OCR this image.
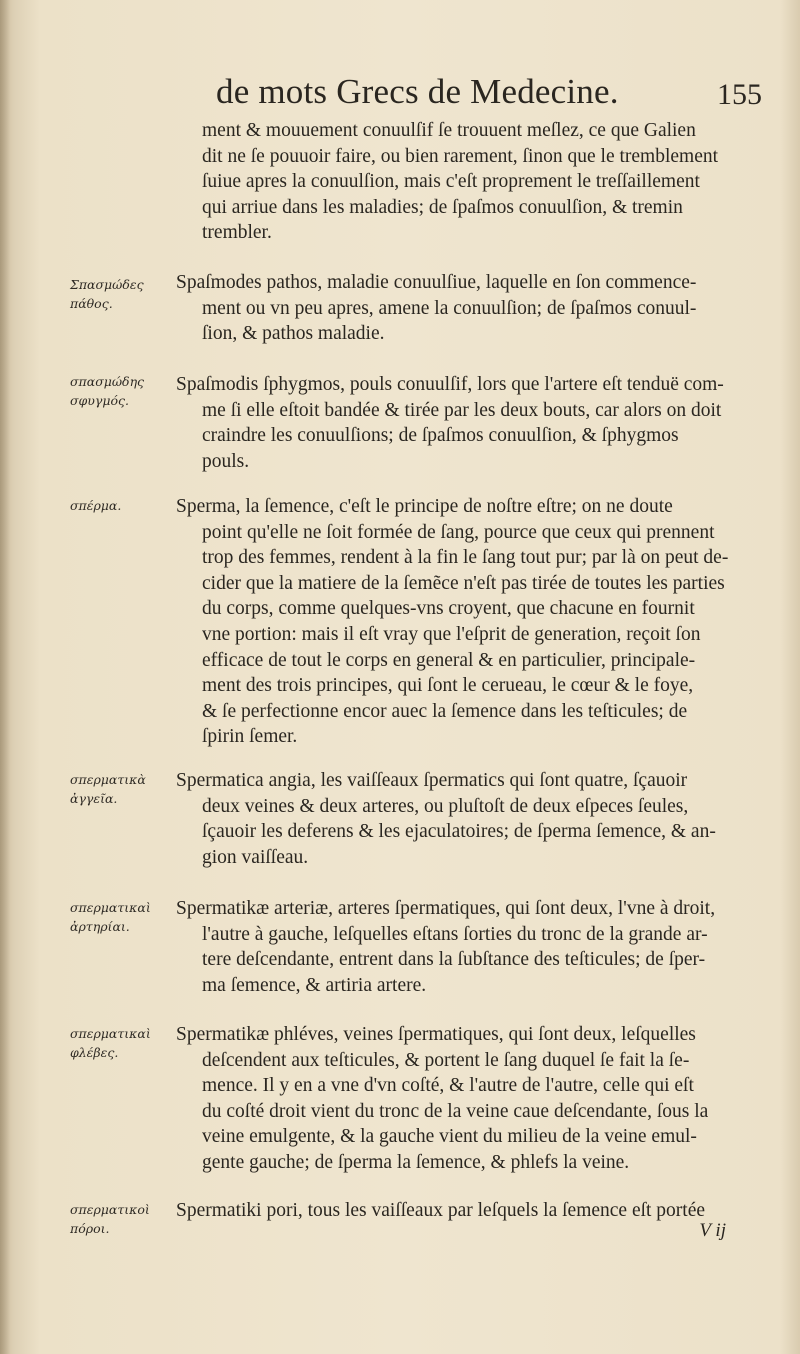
de mots Grecs de Medecine.	155

ment & mouuement conuulſif ſe trouuent meſlez, ce que Galien

dit ne ſe pouuoir faire, ou bien rarement, ſinon que le tremblement

ſuiue apres la conuulſion, mais c'eſt proprement le treſſaillement

qui arriue dans les maladies; de ſpaſmos conuulſion, & tremin

trembler.

Σπασμώδες
πάθος.

Spaſmodes pathos, maladie conuulſiue, laquelle en ſon commence-

ment ou vn peu apres, amene la conuulſion; de ſpaſmos conuul-

ſion, & pathos maladie.

σπασμώδης
σφυγμός.

Spaſmodis ſphygmos, pouls conuulſif, lors que l'artere eſt tenduë com-

me ſi elle eſtoit bandée & tirée par les deux bouts, car alors on doit

craindre les conuulſions; de ſpaſmos conuulſion, & ſphygmos

pouls.

σπέρμα.	Sperma, la ſemence, c'eſt le principe de noſtre eſtre; on ne doute

point qu'elle ne ſoit formée de ſang, pource que ceux qui prennent

trop des femmes, rendent à la fin le ſang tout pur; par là on peut de-

cider que la matiere de la ſemẽce n'eſt pas tirée de toutes les parties

du corps, comme quelques-vns croyent, que chacune en fournit

vne portion: mais il eſt vray que l'eſprit de generation, reçoit ſon

efficace de tout le corps en general & en particulier, principale-

ment des trois principes, qui ſont le cerueau, le cœur & le foye,

& ſe perfectionne encor auec la ſemence dans les teſticules; de

ſpirin ſemer.

σπερματικὰ
ἀγγεῖα.

Spermatica angia, les vaiſſeaux ſpermatics qui ſont quatre, ſçauoir

deux veines & deux arteres, ou pluſtoſt de deux eſpeces ſeules,

ſçauoir les deferens & les ejaculatoires; de ſperma ſemence, & an-

gion vaiſſeau.

σπερματικαὶ
ἀρτηρίαι.

Spermatikæ arteriæ, arteres ſpermatiques, qui ſont deux, l'vne à droit,

l'autre à gauche, leſquelles eſtans ſorties du tronc de la grande ar-

tere deſcendante, entrent dans la ſubſtance des teſticules; de ſper-

ma ſemence, & artiria artere.

σπερματικαὶ
φλέβες.

Spermatikæ phléves, veines ſpermatiques, qui ſont deux, leſquelles

deſcendent aux teſticules, & portent le ſang duquel ſe fait la ſe-

mence. Il y en a vne d'vn coſté, & l'autre de l'autre, celle qui eſt

du coſté droit vient du tronc de la veine caue deſcendante, ſous la

veine emulgente, & la gauche vient du milieu de la veine emul-

gente gauche; de ſperma la ſemence, & phlefs la veine.

σπερματικοὶ
πόροι.

Spermatiki pori, tous les vaiſſeaux par leſquels la ſemence eſt portée

V ij
